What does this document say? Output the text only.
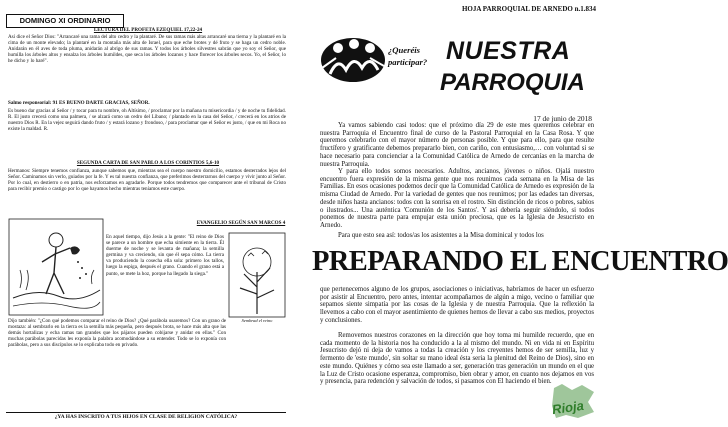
DOMINGO XI ORDINARIO
LECTURA DEL PROFETA EZEQUIEL 17,22-24
Así dice el Señor Dios: "Arrancaré una rama del alto cedro y la plantaré. De sus ramas más altas arrancaré una tierna y la plantaré en la cima de un monte elevado; la plantaré en la montaña más alta de Israel, para que eche brotes y dé fruto y se haga un cedro noble. Anidarán en él aves de toda pluma, anidarán al abrigo de sus ramas. Y todos los árboles silvestres sabrán que yo soy el Señor, que humilla los árboles altos y ensalza los árboles humildes, que seca los árboles lozanos y hace florecer los árboles secos. Yo, el Señor, lo he dicho y lo haré".
Salmo responsorial: 91 ES BUENO DARTE GRACIAS, SEÑOR.
Es bueno dar gracias al Señor / y tocar para tu nombre, oh Altísimo, / proclamar por la mañana tu misericordia / y de noche tu fidelidad. R. El justo crecerá como una palmera, / se alzará como un cedro del Líbano; / plantado en la casa del Señor, / crecerá en los atrios de nuestro Dios R. En la vejez seguirá dando fruto / y estará lozano y frondoso, / para proclamar que el Señor es justo, / que en mi Roca no existe la maldad. R.
SEGUNDA CARTA DE SAN PABLO A LOS CORINTIOS 5,6-10
Hermanos: Siempre tenemos confianza, aunque sabemos que, mientras sea el cuerpo nuestro domicilio, estamos desterrados lejos del Señor. Caminamos sin verlo, guiados por la fe. Y es tal nuestra confianza, que preferimos desterrarnos del cuerpo y vivir junto al Señor. Por lo cual, en destierro o en patria, nos esforzamos en agradarle. Porque todos tendremos que comparecer ante el tribunal de Cristo para recibir premio o castigo por lo que hayamos hecho mientras teníamos este cuerpo.
EVANGELIO SEGÚN SAN MARCOS 4
En aquel tiempo, dijo Jesús a la gente: "El reino de Dios se parece a un hombre que echa simiente en la tierra. Él duerme de noche y se levanta de mañana; la semilla germina y va creciendo, sin que él sepa cómo. La tierra va produciendo la cosecha ella sola: primero los tallos, luego la espiga, después el grano. Cuando el grano está a punto, se mete la hoz, porque ha llegado la siega."
Sembrad el reino
Dijo también: "¿Con qué podemos comparar el reino de Dios? ¿Qué parábola usaremos? Con un grano de mostaza: al sembrarlo en la tierra es la semilla más pequeña, pero después brota, se hace más alta que las demás hortalizas y echa ramas tan grandes que los pájaros pueden cobijarse y anidar en ellas." Con muchas parábolas parecidas les exponía la palabra acomodándose a su entender. Todo se lo exponía con parábolas, pero a sus discípulos se lo explicaba todo en privado.
¿YA HAS INSCRITO A TUS HIJOS EN CLASE DE RELIGION CATÓLICA?
HOJA PARROQUIAL DE ARNEDO n.1.834
¿Queréis participar? NUESTRA
PARROQUIA
17 de junio de 2018
Ya vamos sabiendo casi todos: que el próximo día 29 de este mes queremos celebrar en nuestra Parroquia el Encuentro final de curso de la Pastoral Parroquial en la Casa Rosa. Y que queremos celebrarlo con el mayor número de personas posible. Y que para ello, para que resulte fructífero y gratificante debemos prepararlo bien, con cariño, con entusiasmo,… con voluntad si se hace necesario para concienciar a la Comunidad Católica de Arnedo de cercanías en la marcha de nuestra Parroquia.
Y para ello todos somos necesarios. Adultos, ancianos, jóvenes o niños. Ojalá nuestro encuentro fuera expresión de la misma gente que nos reunimos cada semana en la Misa de las Familias. En esos ocasiones podemos decir que la Comunidad Católica de Arnedo es expresión de la misma Ciudad de Arnedo. Por la variedad de gentes que nos reunimos; por las edades tan diversas, desde niños hasta ancianos: todos con la sonrisa en el rostro. Sin distinción de ricos o pobres, sabios o ilustrados... Una auténtica 'Comunión de los Santos'. Y así debería seguir siéndolo, si todos ponemos de nuestra parte para empujar esta unión preciosa, que es la Iglesia de Jesucristo en Arnedo.
Para que esto sea así: todos/as los asistentes a la Misa dominical y todos los
PREPARANDO EL ENCUENTRO
que pertenecemos alguno de los grupos, asociaciones o iniciativas, habríamos de hacer un esfuerzo por asistir al Encuentro, pero antes, intentar acompañarnos de algún a migo, vecino o familiar que sepamos siente simpatía por las cosas de la Iglesia y de nuestra Parroquia. Que la reflexión la llevemos a cabo con el mayor asentimiento de quienes hemos de llevar a cabo sus medios, proyectos y conclusiones.
Removemos nuestros corazones en la dirección que hoy toma mi humilde recuerdo, que en cada momento de la historia nos ha conducido a la al mismo del mundo. Ni en vida ni en Espíritu Jesucristo dejó ni deja de vamos a todas la creación y los creyentes hemos de ser semilla, luz y fermento de 'este mundo', sin soltar su mano ideal ésta seria la plenitud del Reino de Dios), sino en este mundo. Quiénes y cómo sea este llamado a ser, generación tras generación un mundo en el que la Luz de Cristo ocasione esperanza, compromiso, bien obrar y amor, en cuanto nos dejamos en vos y presencia, para redención y salvación de todos, si pasamos con El haciendo el bien.
Rioja
